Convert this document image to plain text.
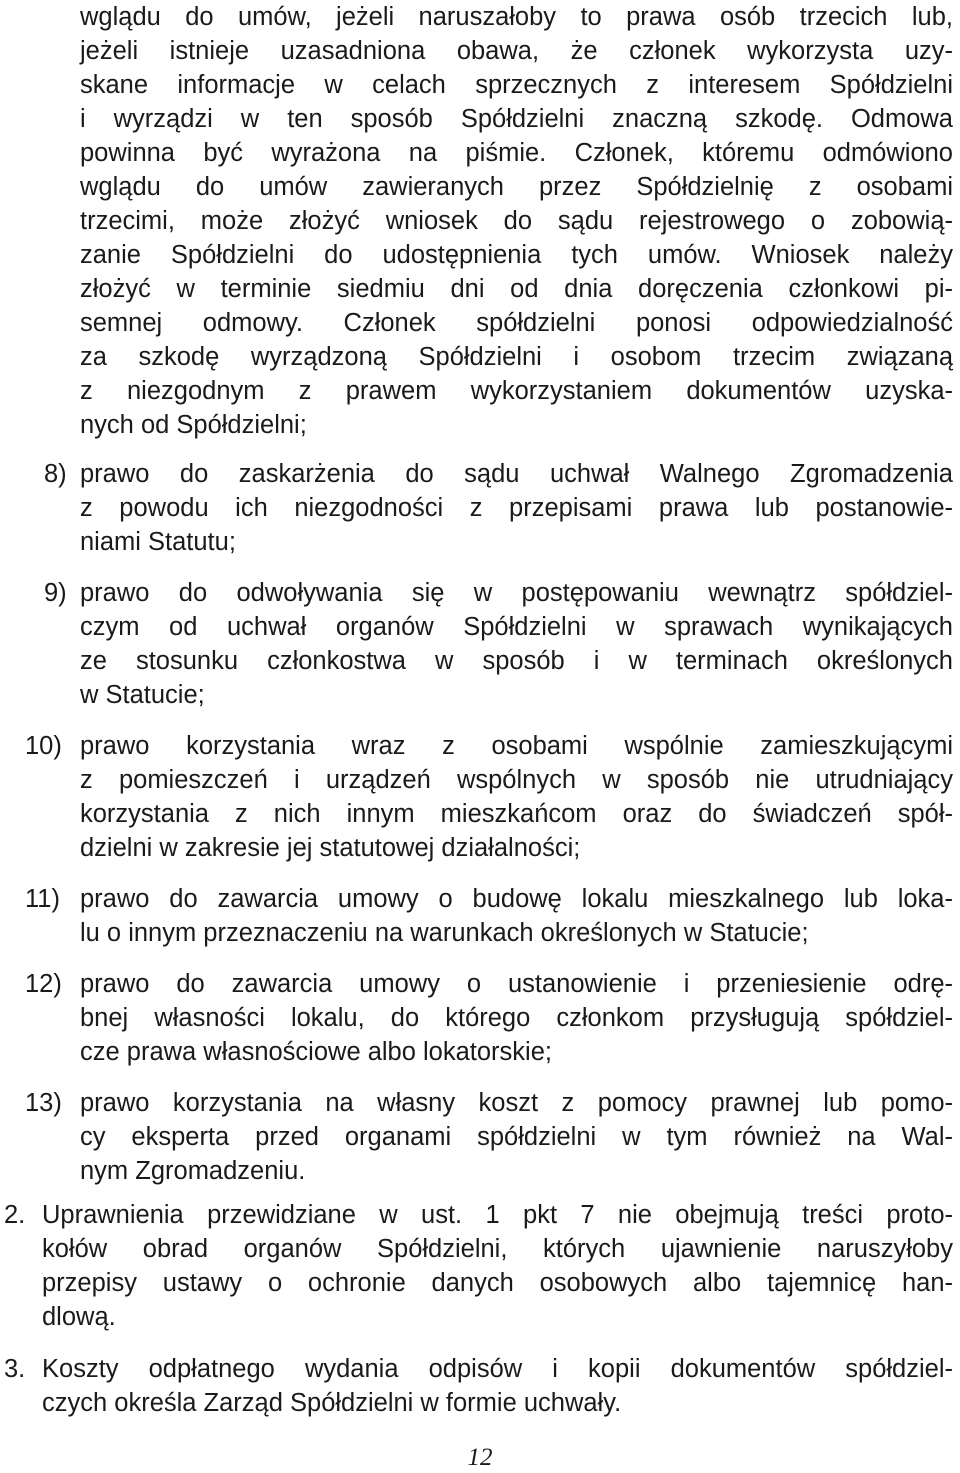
wglądu do umów, jeżeli naruszałoby to prawa osób trzecich lub,
jeżeli istnieje uzasadniona obawa, że członek wykorzysta uzy-
skane informacje w celach sprzecznych z interesem Spółdzielni
i wyrządzi w ten sposób Spółdzielni znaczną szkodę. Odmowa
powinna być wyrażona na piśmie. Członek, któremu odmówiono
wglądu do umów zawieranych przez Spółdzielnię z osobami
trzecimi, może złożyć wniosek do sądu rejestrowego o zobowią-
zanie Spółdzielni do udostępnienia tych umów. Wniosek należy
złożyć w terminie siedmiu dni od dnia doręczenia członkowi pi-
semnej odmowy. Członek spółdzielni ponosi odpowiedzialność
za szkodę wyrządzoną Spółdzielni i osobom trzecim związaną
z niezgodnym z prawem wykorzystaniem dokumentów uzyska-
nych od Spółdzielni;
8) prawo do zaskarżenia do sądu uchwał Walnego Zgromadzenia
z powodu ich niezgodności z przepisami prawa lub postanowie-
niami Statutu;
9) prawo do odwoływania się w postępowaniu wewnątrz spółdziel-
czym od uchwał organów Spółdzielni w sprawach wynikających
ze stosunku członkostwa w sposób i w terminach określonych
w Statucie;
10) prawo korzystania wraz z osobami wspólnie zamieszkującymi
z pomieszczeń i urządzeń wspólnych w sposób nie utrudniający
korzystania z nich innym mieszkańcom oraz do świadczeń spół-
dzielni w zakresie jej statutowej działalności;
11) prawo do zawarcia umowy o budowę lokalu mieszkalnego lub loka-
lu o innym przeznaczeniu na warunkach określonych w Statucie;
12) prawo do zawarcia umowy o ustanowienie i przeniesienie odrę-
bnej własności lokalu, do którego członkom przysługują spółdziel-
cze prawa własnościowe albo lokatorskie;
13) prawo korzystania na własny koszt z pomocy prawnej lub pomo-
cy eksperta przed organami spółdzielni w tym również na Wal-
nym Zgromadzeniu.
2. Uprawnienia przewidziane w ust. 1 pkt 7 nie obejmują treści proto-
kołów obrad organów Spółdzielni, których ujawnienie naruszyłoby
przepisy ustawy o ochronie danych osobowych albo tajemnicę han-
dlową.
3. Koszty odpłatnego wydania odpisów i kopii dokumentów spółdziel-
czych określa Zarząd Spółdzielni w formie uchwały.
12
